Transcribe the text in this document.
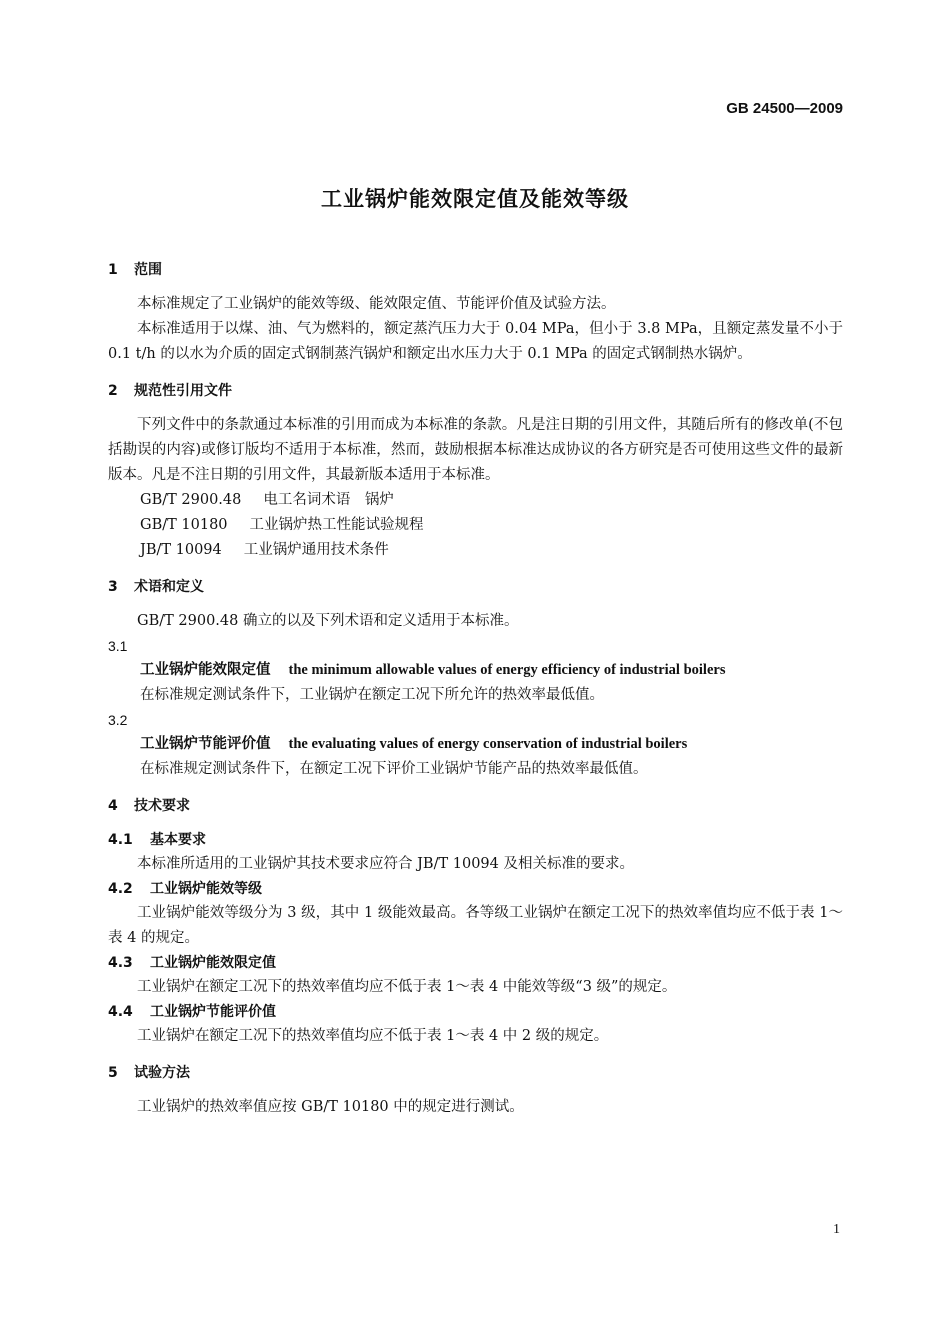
GB 24500—2009
工业锅炉能效限定值及能效等级
1 范围

本标准规定了工业锅炉的能效等级、能效限定值、节能评价值及试验方法。

本标准适用于以煤、油、气为燃料的，额定蒸汽压力大于 0.04 MPa，但小于 3.8 MPa，且额定蒸发量不小于 0.1 t/h 的以水为介质的固定式钢制蒸汽锅炉和额定出水压力大于 0.1 MPa 的固定式钢制热水锅炉。

2 规范性引用文件

下列文件中的条款通过本标准的引用而成为本标准的条款。凡是注日期的引用文件，其随后所有的修改单(不包括勘误的内容)或修订版均不适用于本标准，然而，鼓励根据本标准达成协议的各方研究是否可使用这些文件的最新版本。凡是不注日期的引用文件，其最新版本适用于本标准。

GB/T 2900.48 电工名词术语　锅炉

GB/T 10180 工业锅炉热工性能试验规程

JB/T 10094 工业锅炉通用技术条件

3 术语和定义

GB/T 2900.48 确立的以及下列术语和定义适用于本标准。

3.1

工业锅炉能效限定值 the minimum allowable values of energy efficiency of industrial boilers

在标准规定测试条件下，工业锅炉在额定工况下所允许的热效率最低值。

3.2

工业锅炉节能评价值 the evaluating values of energy conservation of industrial boilers

在标准规定测试条件下，在额定工况下评价工业锅炉节能产品的热效率最低值。

4 技术要求
4.1 基本要求

本标准所适用的工业锅炉其技术要求应符合 JB/T 10094 及相关标准的要求。

4.2 工业锅炉能效等级

工业锅炉能效等级分为 3 级，其中 1 级能效最高。各等级工业锅炉在额定工况下的热效率值均应不低于表 1～表 4 的规定。

4.3 工业锅炉能效限定值

工业锅炉在额定工况下的热效率值均应不低于表 1～表 4 中能效等级“3 级”的规定。

4.4 工业锅炉节能评价值

工业锅炉在额定工况下的热效率值均应不低于表 1～表 4 中 2 级的规定。

5 试验方法

工业锅炉的热效率值应按 GB/T 10180 中的规定进行测试。

1
